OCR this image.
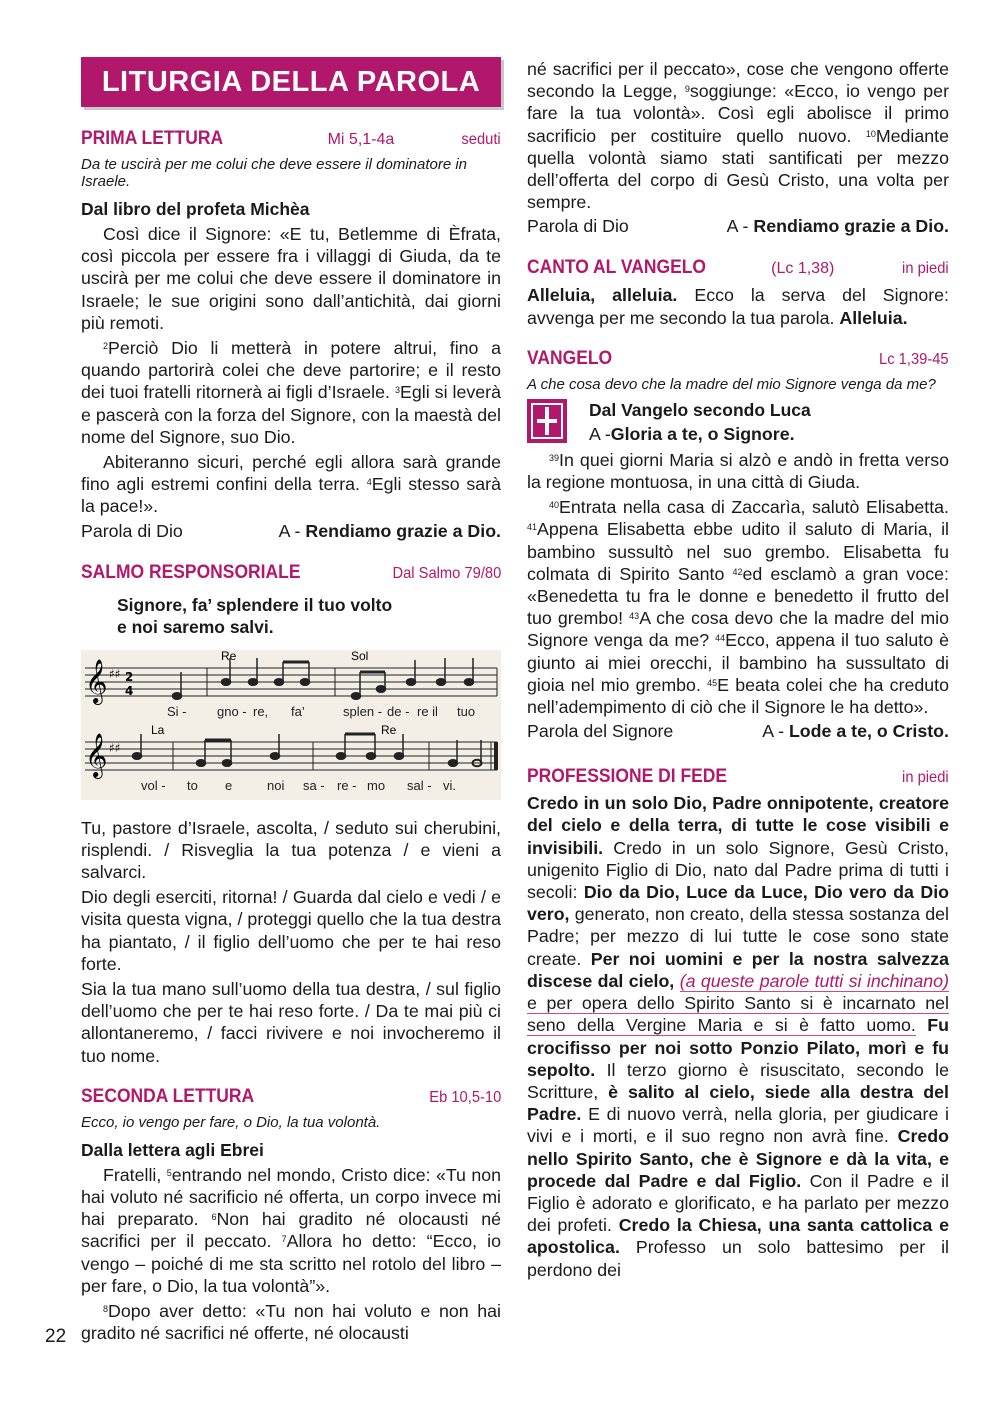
LITURGIA DELLA PAROLA
PRIMA LETTURA	Mi 5,1-4a	seduti
Da te uscirà per me colui che deve essere il dominatore in Israele.
Dal libro del profeta Michèa

Così dice il Signore: «E tu, Betlemme di Èfrata, così piccola per essere fra i villaggi di Giuda, da te uscirà per me colui che deve essere il dominatore in Israele; le sue origini sono dall’antichità, dai giorni più remoti.

$^2$Perciò Dio li metterà in potere altrui, fino a quando partorirà colei che deve partorire; e il resto dei tuoi fratelli ritornerà ai figli d’Israele. $^3$Egli si leverà e pascerà con la forza del Signore, con la maestà del nome del Signore, suo Dio.

Abiteranno sicuri, perché egli allora sarà grande fino agli estremi confini della terra. $^4$Egli stesso sarà la pace!».

Parola di Dio	A - Rendiamo grazie a Dio.
SALMO RESPONSORIALE	Dal Salmo 79/80
Signore, fa’ splendere il tuo volto
e noi saremo salvi.
𝄞
𝄞
♯♯
♯♯
2
4
Re	Sol
La	Re
Si - gno - re, fa’	splen - de - re il tuo
vol - to e	noi sa - re - mo sal - vi.

Tu, pastore d’Israele, ascolta, / seduto sui cherubini, risplendi. / Risveglia la tua potenza / e vieni a salvarci.

Dio degli eserciti, ritorna! / Guarda dal cielo e vedi / e visita questa vigna, / proteggi quello che la tua destra ha piantato, / il figlio dell’uomo che per te hai reso forte.

Sia la tua mano sull’uomo della tua destra, / sul figlio dell’uomo che per te hai reso forte. / Da te mai più ci allontaneremo, / facci rivivere e noi invocheremo il tuo nome.

SECONDA LETTURA	Eb 10,5-10
Ecco, io vengo per fare, o Dio, la tua volontà.
Dalla lettera agli Ebrei

Fratelli, $^5$entrando nel mondo, Cristo dice: «Tu non hai voluto né sacrificio né offerta, un corpo invece mi hai preparato. $^6$Non hai gradito né olocausti né sacrifici per il peccato. $^7$Allora ho detto: “Ecco, io vengo – poiché di me sta scritto nel rotolo del libro – per fare, o Dio, la tua volontà”».

$^8$Dopo aver detto: «Tu non hai voluto e non hai gradito né sacrifici né offerte, né olocausti

22

né sacrifici per il peccato», cose che vengono offerte secondo la Legge, $^9$soggiunge: «Ecco, io vengo per fare la tua volontà». Così egli abolisce il primo sacrificio per costituire quello nuovo. $^{10}$Mediante quella volontà siamo stati santificati per mezzo dell’offerta del corpo di Gesù Cristo, una volta per sempre.

Parola di Dio	A - Rendiamo grazie a Dio.
CANTO AL VANGELO	(Lc 1,38)	in piedi

Alleluia, alleluia. Ecco la serva del Signore: avvenga per me secondo la tua parola. Alleluia.

VANGELO	Lc 1,39-45
A che cosa devo che la madre del mio Signore venga da me?
Dal Vangelo secondo Luca
A - Gloria a te, o Signore.

$^{39}$In quei giorni Maria si alzò e andò in fretta verso la regione montuosa, in una città di Giuda.

$^{40}$Entrata nella casa di Zaccarìa, salutò Elisabetta. $^{41}$Appena Elisabetta ebbe udito il saluto di Maria, il bambino sussultò nel suo grembo. Elisabetta fu colmata di Spirito Santo $^{42}$ed esclamò a gran voce: «Benedetta tu fra le donne e benedetto il frutto del tuo grembo! $^{43}$A che cosa devo che la madre del mio Signore venga da me? $^{44}$Ecco, appena il tuo saluto è giunto ai miei orecchi, il bambino ha sussultato di gioia nel mio grembo. $^{45}$E beata colei che ha creduto nell’adempimento di ciò che il Signore le ha detto».

Parola del Signore	A - Lode a te, o Cristo.
PROFESSIONE DI FEDE	in piedi

Credo in un solo Dio, Padre onnipotente, creatore del cielo e della terra, di tutte le cose visibili e invisibili. Credo in un solo Signore, Gesù Cristo, unigenito Figlio di Dio, nato dal Padre prima di tutti i secoli: Dio da Dio, Luce da Luce, Dio vero da Dio vero, generato, non creato, della stessa sostanza del Padre; per mezzo di lui tutte le cose sono state create. Per noi uomini e per la nostra salvezza discese dal cielo, (a queste parole tutti si inchinano) e per opera dello Spirito Santo si è incarnato nel seno della Vergine Maria e si è fatto uomo. Fu crocifisso per noi sotto Ponzio Pilato, morì e fu sepolto. Il terzo giorno è risuscitato, secondo le Scritture, è salito al cielo, siede alla destra del Padre. E di nuovo verrà, nella gloria, per giudicare i vivi e i morti, e il suo regno non avrà fine. Credo nello Spirito Santo, che è Signore e dà la vita, e procede dal Padre e dal Figlio. Con il Padre e il Figlio è adorato e glorificato, e ha parlato per mezzo dei profeti. Credo la Chiesa, una santa cattolica e apostolica. Professo un solo battesimo per il perdono dei
